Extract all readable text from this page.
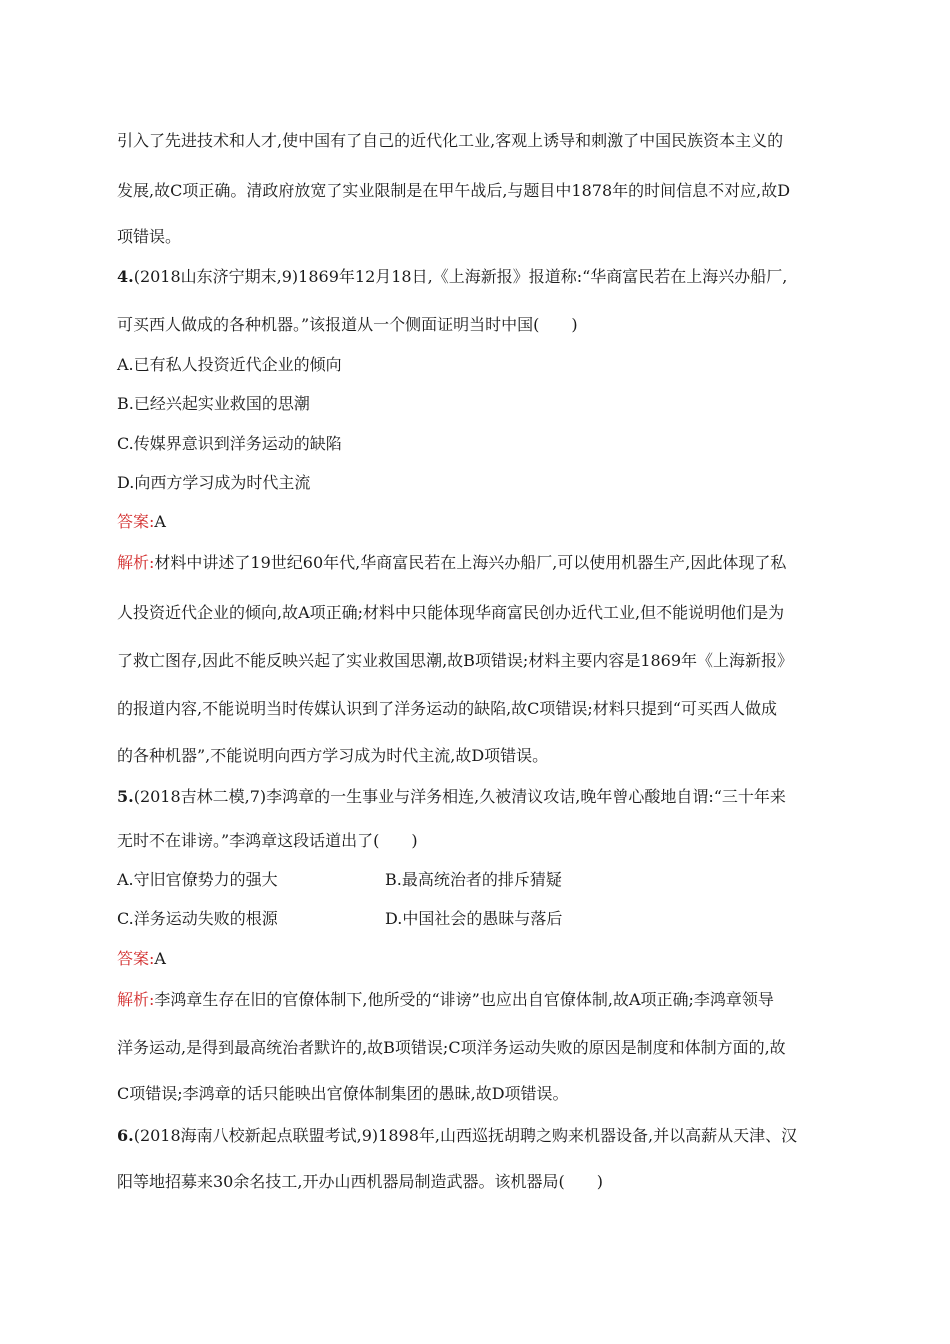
引入了先进技术和人才,使中国有了自己的近代化工业,客观上诱导和刺激了中国民族资本主义的
发展,故C项正确。清政府放宽了实业限制是在甲午战后,与题目中1878年的时间信息不对应,故D
项错误。
4.(2018山东济宁期末,9)1869年12月18日,《上海新报》报道称:“华商富民若在上海兴办船厂,
可买西人做成的各种机器。”该报道从一个侧面证明当时中国(　　)
A.已有私人投资近代企业的倾向
B.已经兴起实业救国的思潮
C.传媒界意识到洋务运动的缺陷
D.向西方学习成为时代主流
答案:A
解析:材料中讲述了19世纪60年代,华商富民若在上海兴办船厂,可以使用机器生产,因此体现了私
人投资近代企业的倾向,故A项正确;材料中只能体现华商富民创办近代工业,但不能说明他们是为
了救亡图存,因此不能反映兴起了实业救国思潮,故B项错误;材料主要内容是1869年《上海新报》
的报道内容,不能说明当时传媒认识到了洋务运动的缺陷,故C项错误;材料只提到“可买西人做成
的各种机器”,不能说明向西方学习成为时代主流,故D项错误。
5.(2018吉林二模,7)李鸿章的一生事业与洋务相连,久被清议攻诘,晚年曾心酸地自谓:“三十年来
无时不在诽谤。”李鸿章这段话道出了(　　)
A.守旧官僚势力的强大	B.最高统治者的排斥猜疑
C.洋务运动失败的根源	D.中国社会的愚昧与落后
答案:A
解析:李鸿章生存在旧的官僚体制下,他所受的“诽谤”也应出自官僚体制,故A项正确;李鸿章领导
洋务运动,是得到最高统治者默许的,故B项错误;C项洋务运动失败的原因是制度和体制方面的,故
C项错误;李鸿章的话只能映出官僚体制集团的愚昧,故D项错误。
6.(2018海南八校新起点联盟考试,9)1898年,山西巡抚胡聘之购来机器设备,并以高薪从天津、汉
阳等地招募来30余名技工,开办山西机器局制造武器。该机器局(　　)
